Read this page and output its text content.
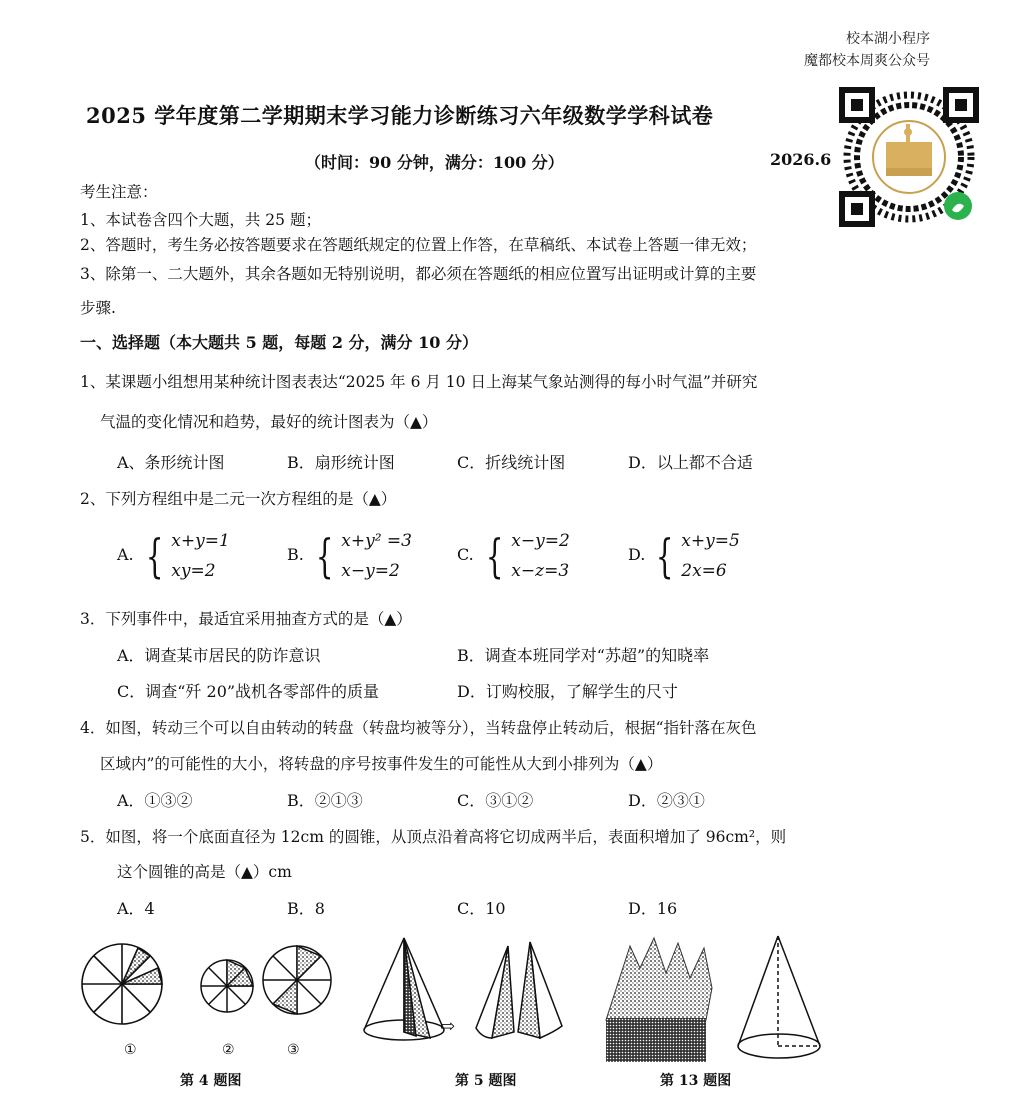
校本湖小程序
魔都校本周爽公众号
2025 学年度第二学期期末学习能力诊断练习六年级数学学科试卷
（时间：90 分钟，满分：100 分）	2026.6
考生注意：
1、本试卷含四个大题，共 25 题；
2、答题时，考生务必按答题要求在答题纸规定的位置上作答，在草稿纸、本试卷上答题一律无效；
3、除第一、二大题外，其余各题如无特别说明，都必须在答题纸的相应位置写出证明或计算的主要
步骤.
一、选择题（本大题共 5 题，每题 2 分，满分 10 分）
1、某课题小组想用某种统计图表表达“2025 年 6 月 10 日上海某气象站测得的每小时气温”并研究
气温的变化情况和趋势，最好的统计图表为（▲）
A、条形统计图	B．扇形统计图	C．折线统计图	D．以上都不合适
2、下列方程组中是二元一次方程组的是（▲）
A. { x+y=1
xy=2
B. { x+y² =3
x−y=2
C. { x−y=2
x−z=3
D. { x+y=5
2x=6
3．下列事件中，最适宜采用抽查方式的是（▲）
A．调查某市居民的防诈意识	B．调查本班同学对“苏超”的知晓率
C．调查“歼 20”战机各零部件的质量	D．订购校服，了解学生的尺寸
4．如图，转动三个可以自由转动的转盘（转盘均被等分），当转盘停止转动后，根据“指针落在灰色
区域内”的可能性的大小，将转盘的序号按事件发生的可能性从大到小排列为（▲）
A．①③②	B．②①③	C．③①②	D．②③①
5．如图，将一个底面直径为 12cm 的圆锥，从顶点沿着高将它切成两半后，表面积增加了 96cm²，则
这个圆锥的高是（▲）cm
A．4	B．8	C．10	D．16
①	②	③
⇨
第 4 题图	第 5 题图	第 13 题图
